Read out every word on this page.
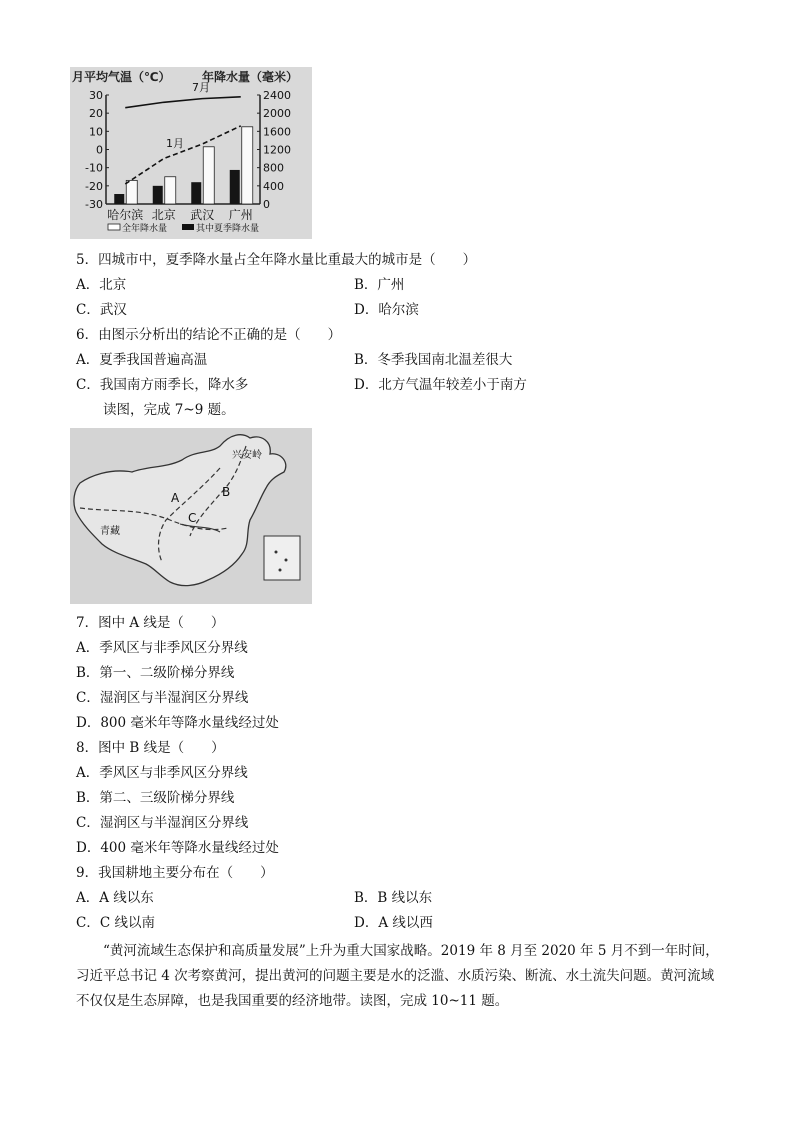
月平均气温（℃）	年降水量（毫米）
30
20
10
0
-10
-20
-30
2400
2000
1600
1200
800
400
0
哈尔滨 北京 武汉 广州
7月
1月
全年降水量	其中夏季降水量
5．四城市中，夏季降水量占全年降水量比重最大的城市是（　　）
A．北京	B．广州
C．武汉	D．哈尔滨
6．由图示分析出的结论不正确的是（　　）
A．夏季我国普遍高温	B．冬季我国南北温差很大
C．我国南方雨季长，降水多	D．北方气温年较差小于南方
读图，完成 7~9 题。
A	B
C
兴安岭
青藏
7．图中 A 线是（　　）
A．季风区与非季风区分界线
B．第一、二级阶梯分界线
C．湿润区与半湿润区分界线
D．800 毫米年等降水量线经过处
8．图中 B 线是（　　）
A．季风区与非季风区分界线
B．第二、三级阶梯分界线
C．湿润区与半湿润区分界线
D．400 毫米年等降水量线经过处
9．我国耕地主要分布在（　　）
A．A 线以东	B．B 线以东
C．C 线以南	D．A 线以西
“黄河流域生态保护和高质量发展”上升为重大国家战略。2019 年 8 月至 2020 年 5 月不到一年时间，习近平总书记 4 次考察黄河，提出黄河的问题主要是水的泛滥、水质污染、断流、水土流失问题。黄河流域不仅仅是生态屏障，也是我国重要的经济地带。读图，完成 10~11 题。
